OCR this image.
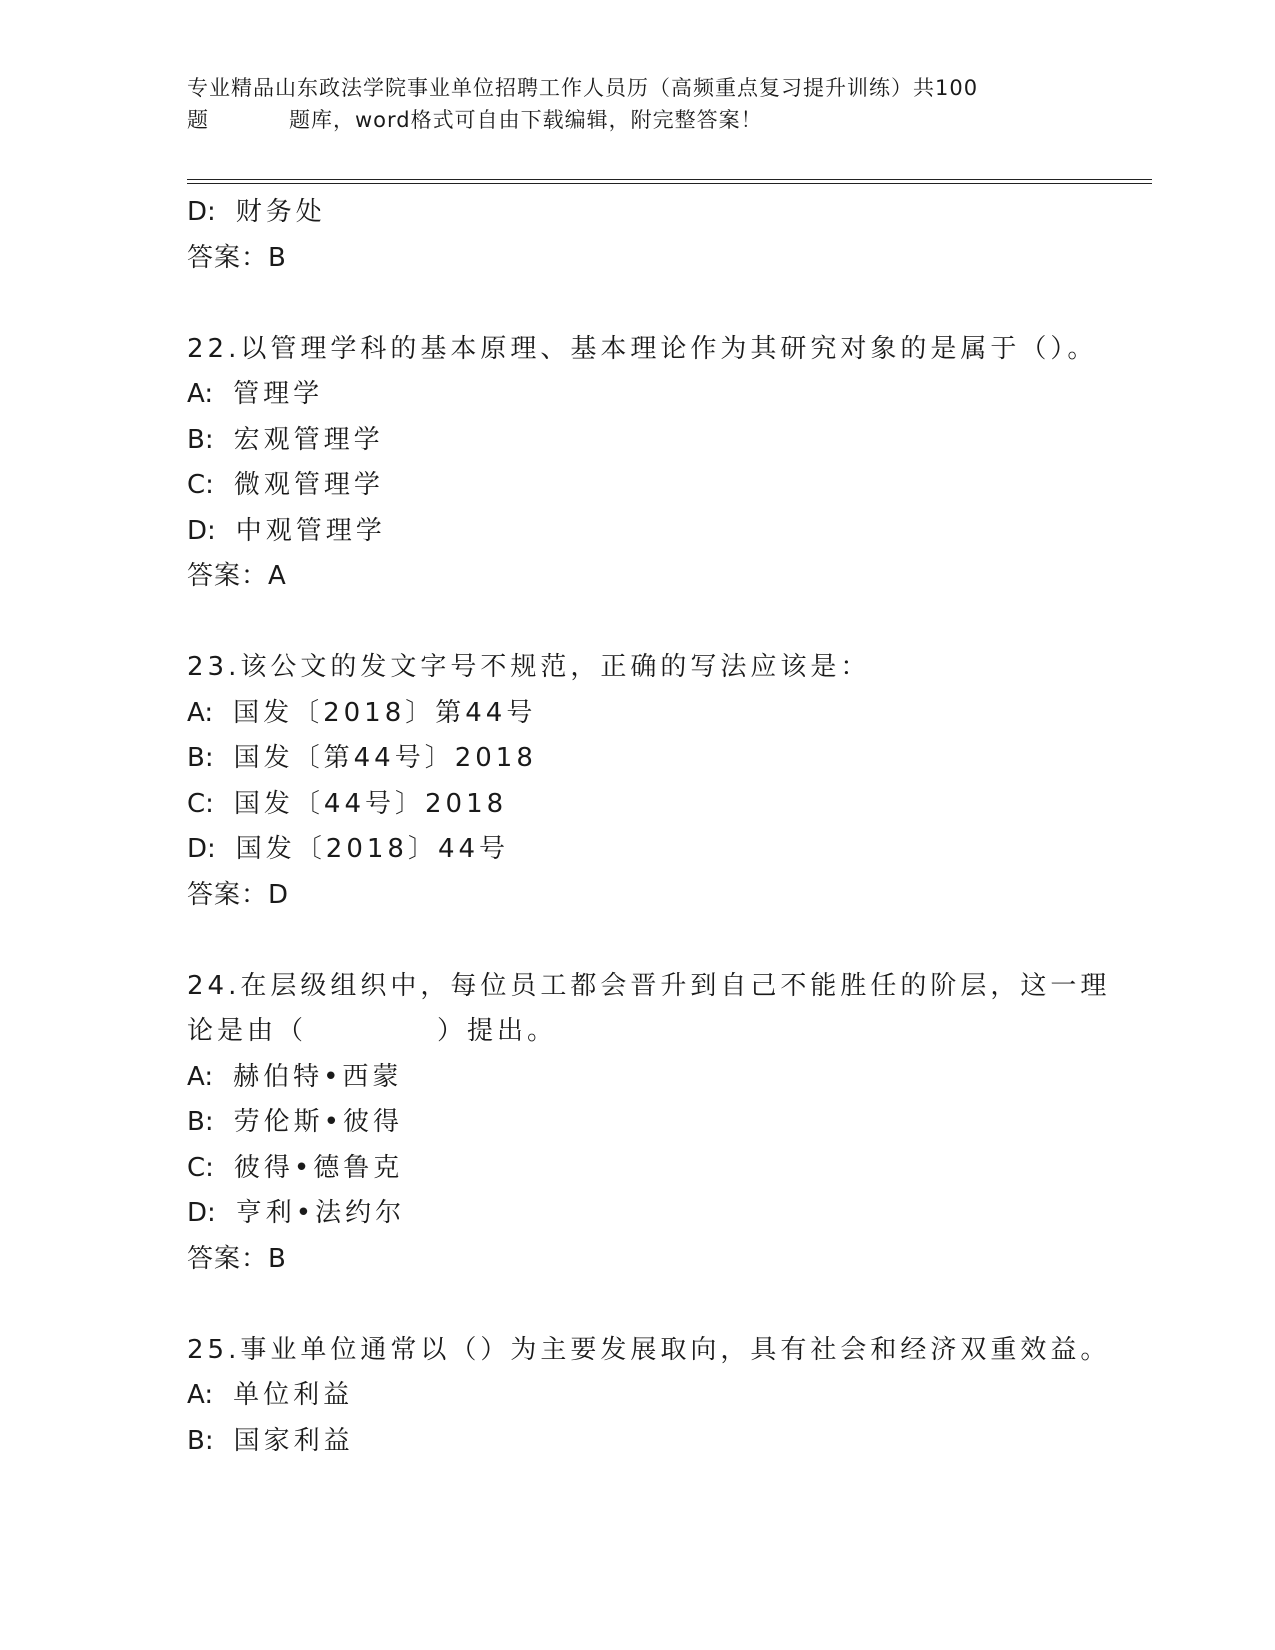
专业精品山东政法学院事业单位招聘工作人员历（高频重点复习提升训练）共100
题	题库，word格式可自由下载编辑，附完整答案！
D: 财务处
答案：B
22.以管理学科的基本原理、基本理论作为其研究对象的是属于（）。
A: 管理学
B: 宏观管理学
C: 微观管理学
D: 中观管理学
答案：A
23.该公文的发文字号不规范，正确的写法应该是：
A: 国发〔2018〕第44号
B: 国发〔第44号〕2018
C: 国发〔44号〕2018
D: 国发〔2018〕44号
答案：D
24.在层级组织中，每位员工都会晋升到自己不能胜任的阶层，这一理
论是由（	）提出。
A: 赫伯特•西蒙
B: 劳伦斯•彼得
C: 彼得•德鲁克
D: 亨利•法约尔
答案：B
25.事业单位通常以（）为主要发展取向，具有社会和经济双重效益。
A: 单位利益
B: 国家利益
